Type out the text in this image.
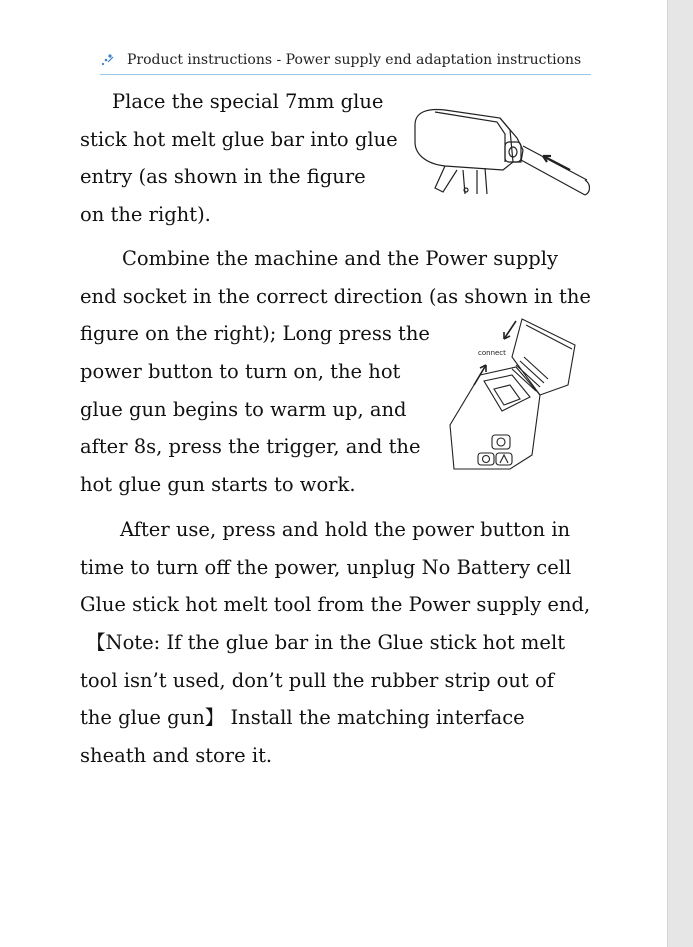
Product instructions - Power supply end adaptation instructions
Place the special 7mm glue
stick hot melt glue bar into glue
entry (as shown in the figure
on the right).
Combine the machine and the Power supply
end socket in the correct direction (as shown in the
figure on the right); Long press the
power button to turn on, the hot
glue gun begins to warm up, and
after 8s, press the trigger, and the
hot glue gun starts to work.
After use, press and hold the power button in
time to turn off the power, unplug No Battery cell
Glue stick hot melt tool from the Power supply end,
【Note: If the glue bar in the Glue stick hot melt
tool isn’t used, don’t pull the rubber strip out of
the glue gun】 Install the matching interface
sheath and store it.
connect
